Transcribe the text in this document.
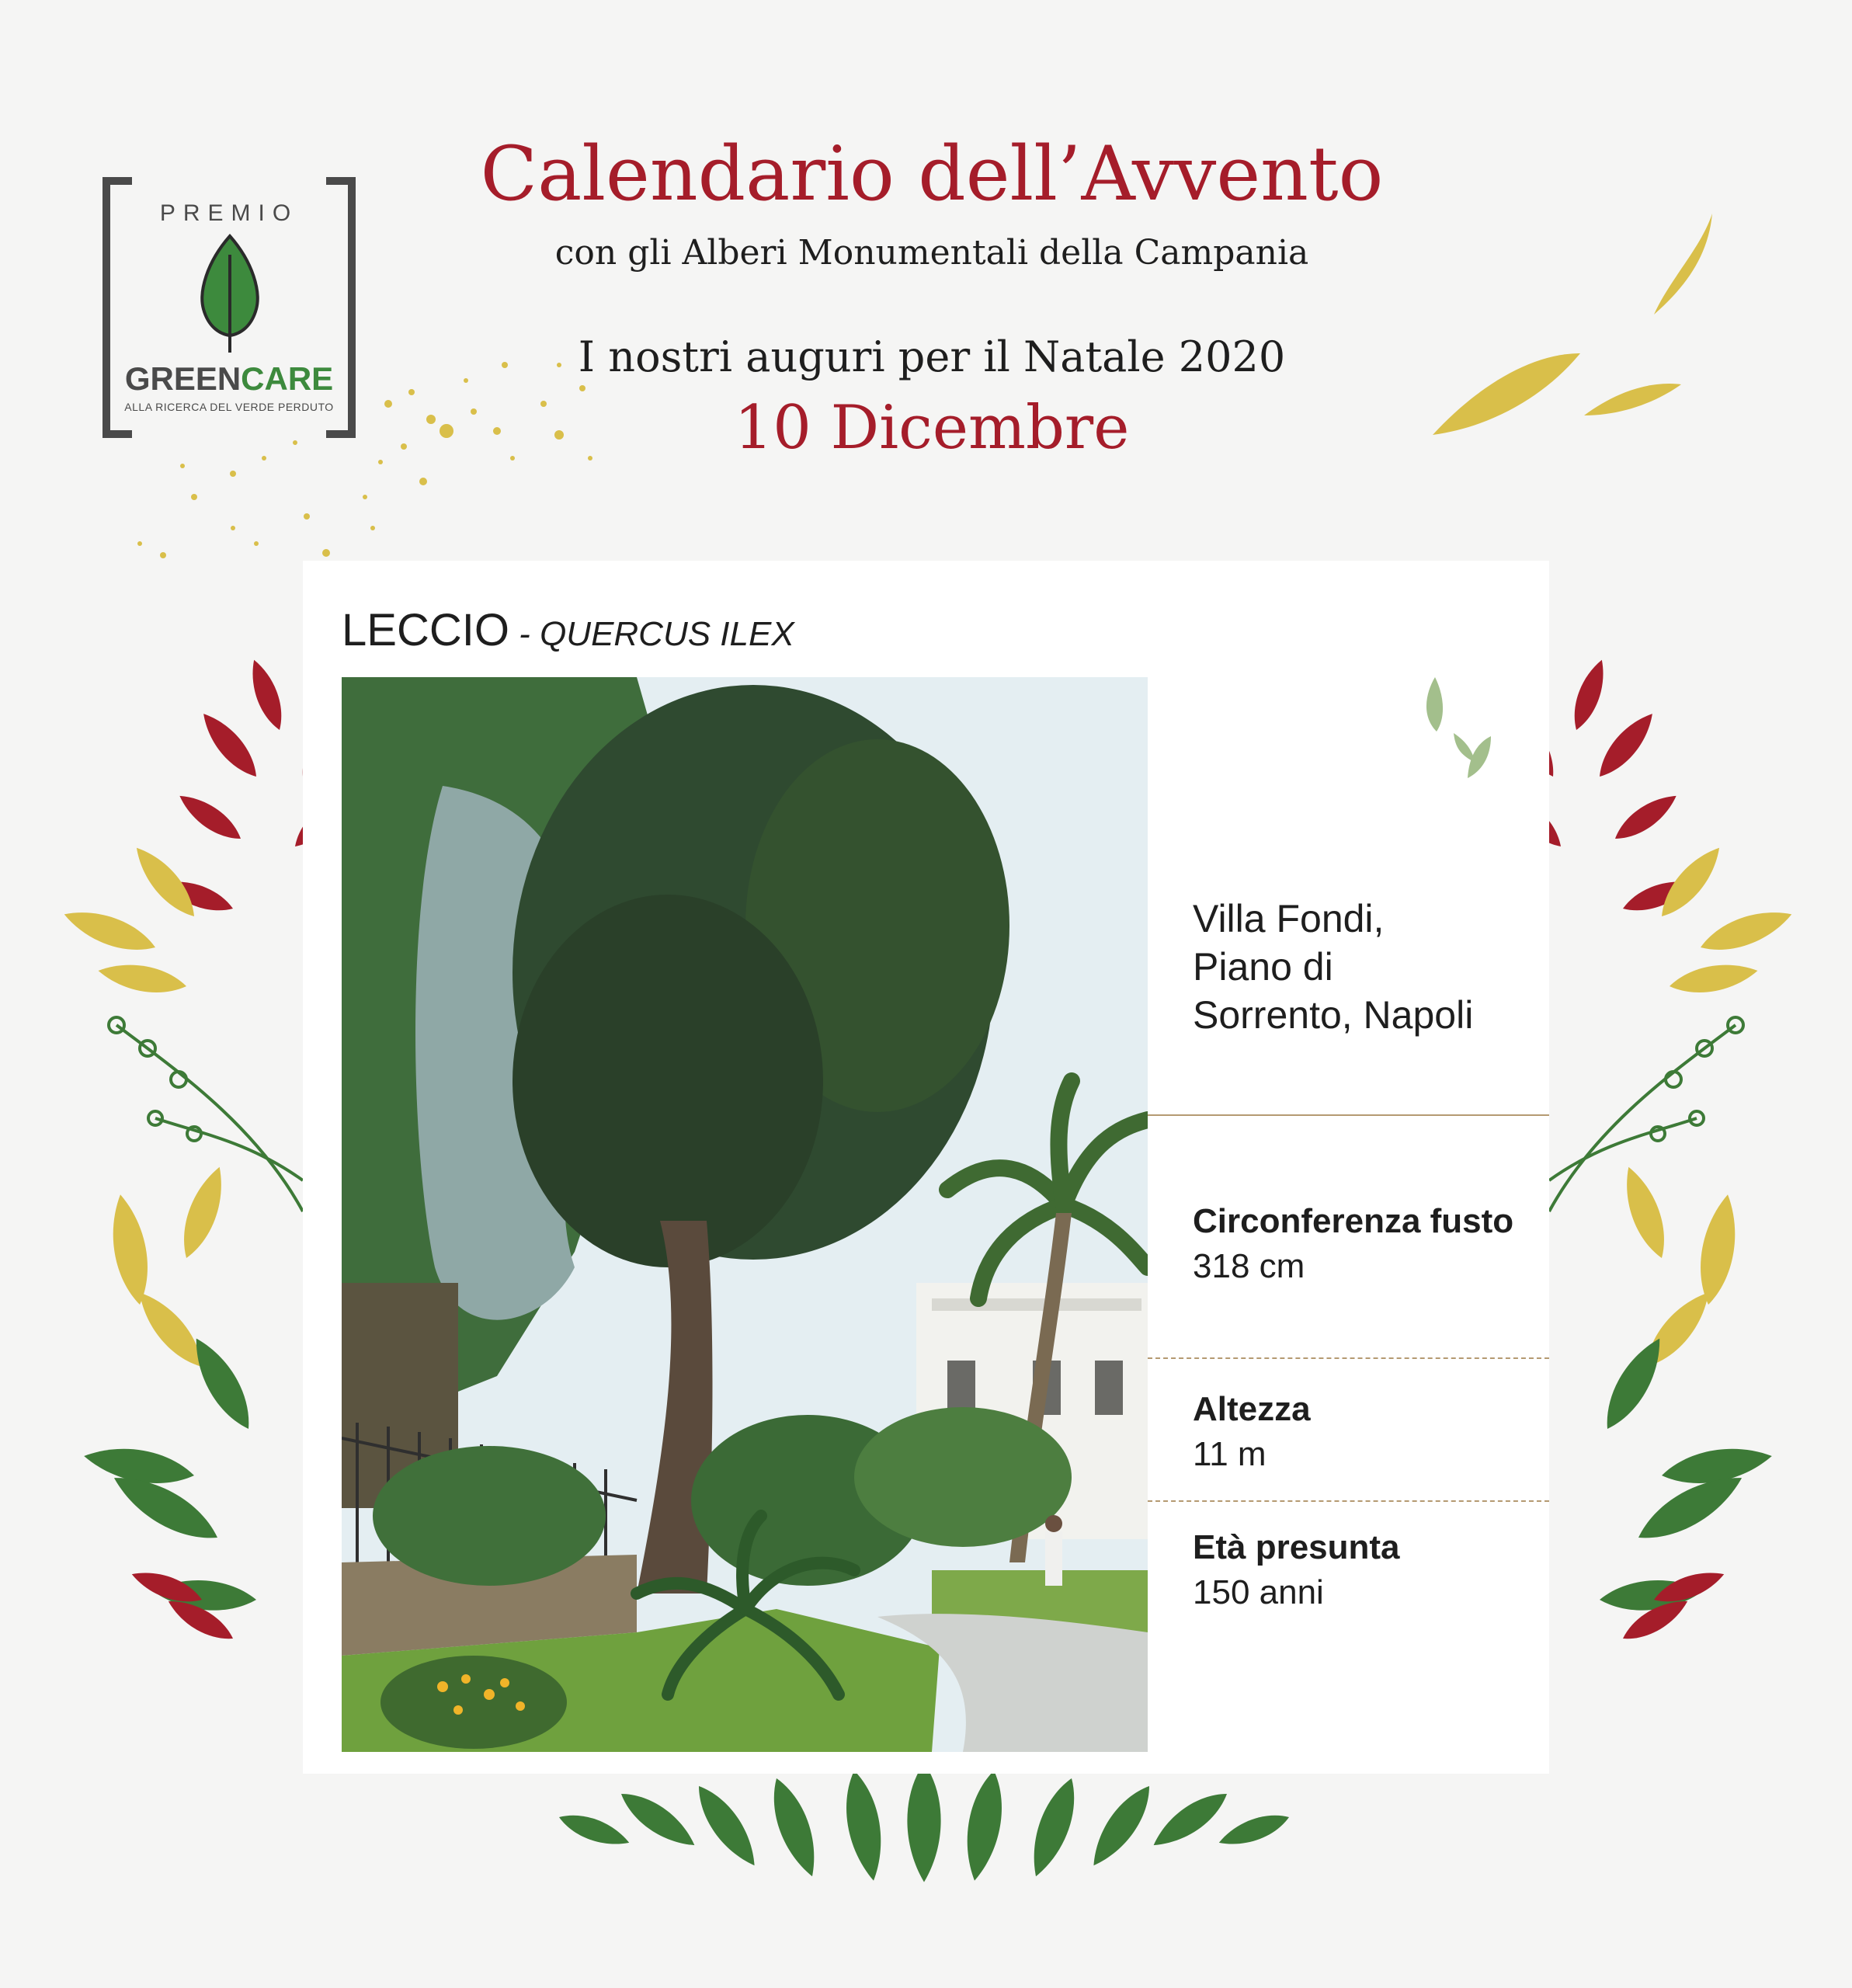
PREMIO
GREENCARE
ALLA RICERCA DEL VERDE PERDUTO
Calendario dell’Avvento
con gli Alberi Monumentali della Campania
I nostri auguri per il Natale 2020
10 Dicembre
LECCIO - QUERCUS ILEX
Villa Fondi,
Piano di
Sorrento, Napoli
Circonferenza fusto
318 cm
Altezza
11 m
Età presunta
150 anni
